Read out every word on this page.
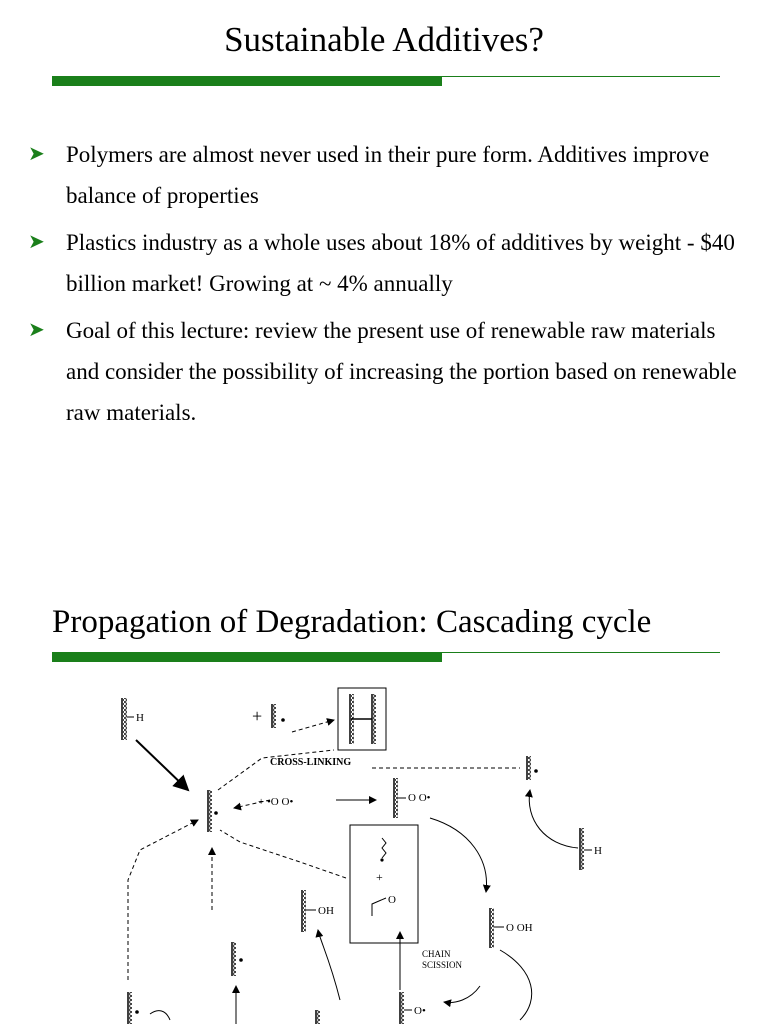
Sustainable Additives?
➤ Polymers are almost never used in their pure form. Additives improve balance of properties
➤ Plastics industry as a whole uses about 18% of additives by weight - $40 billion market! Growing at ~ 4% annually
➤ Goal of this lecture: review the present use of renewable raw materials and consider the possibility of increasing the portion based on renewable raw materials.
Propagation of Degradation: Cascading cycle
H	+
CROSS-LINKING
+ •O O•	O O•
H
+
O
OH
O OH
CHAIN
SCISSION
O•
